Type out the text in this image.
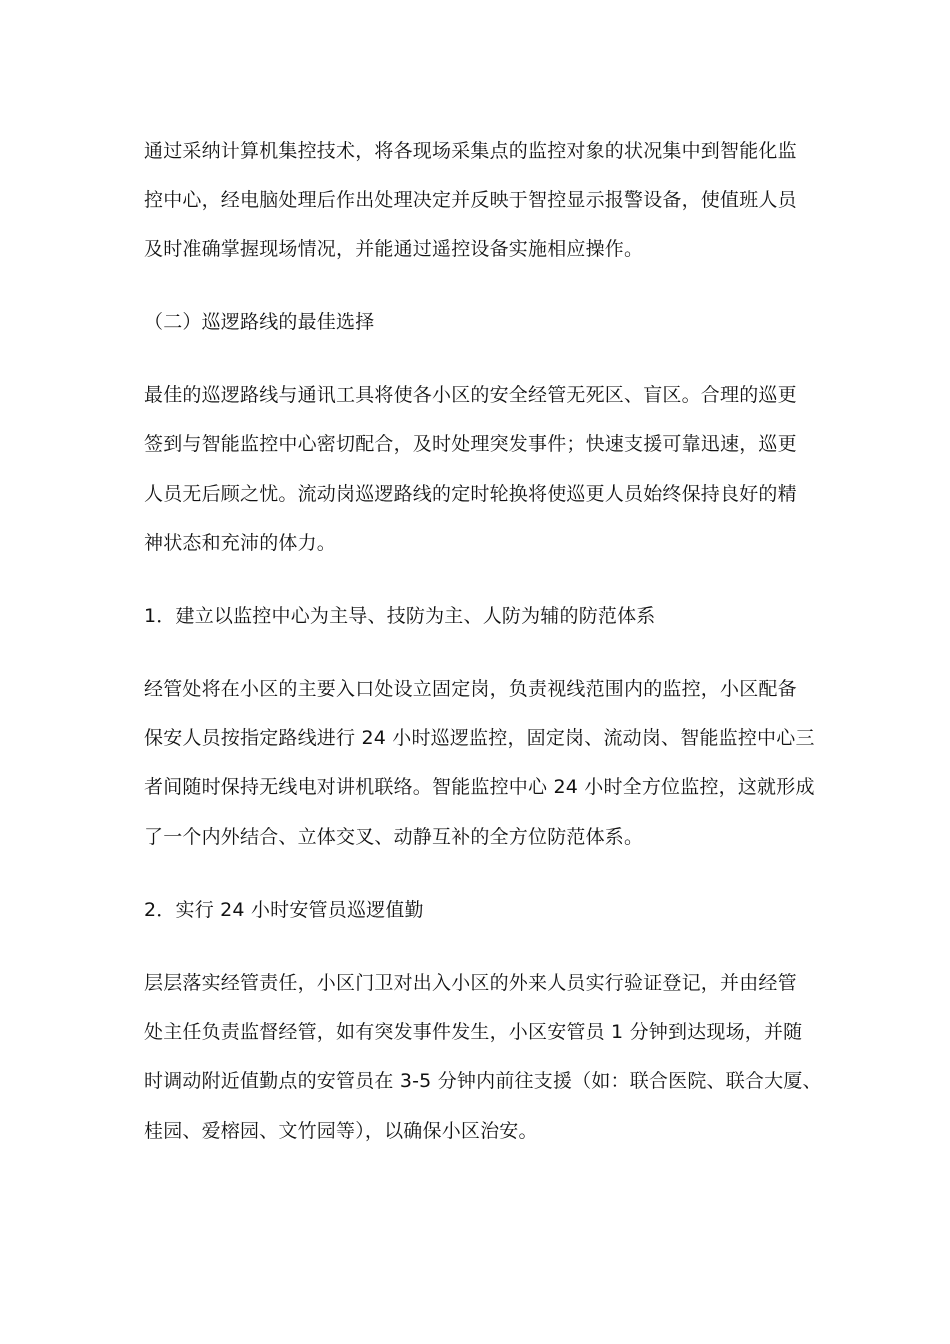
通过采纳计算机集控技术，将各现场采集点的监控对象的状况集中到智能化监

控中心，经电脑处理后作出处理决定并反映于智控显示报警设备，使值班人员

及时准确掌握现场情况，并能通过遥控设备实施相应操作。

（二）巡逻路线的最佳选择

最佳的巡逻路线与通讯工具将使各小区的安全经管无死区、盲区。合理的巡更

签到与智能监控中心密切配合，及时处理突发事件；快速支援可靠迅速，巡更

人员无后顾之忧。流动岗巡逻路线的定时轮换将使巡更人员始终保持良好的精

神状态和充沛的体力。

1．建立以监控中心为主导、技防为主、人防为辅的防范体系

经管处将在小区的主要入口处设立固定岗，负责视线范围内的监控，小区配备

保安人员按指定路线进行 24 小时巡逻监控，固定岗、流动岗、智能监控中心三

者间随时保持无线电对讲机联络。智能监控中心 24 小时全方位监控，这就形成

了一个内外结合、立体交叉、动静互补的全方位防范体系。

2．实行 24 小时安管员巡逻值勤

层层落实经管责任，小区门卫对出入小区的外来人员实行验证登记，并由经管

处主任负责监督经管，如有突发事件发生，小区安管员 1 分钟到达现场，并随

时调动附近值勤点的安管员在 3-5 分钟内前往支援（如：联合医院、联合大厦、

桂园、爱榕园、文竹园等），以确保小区治安。
